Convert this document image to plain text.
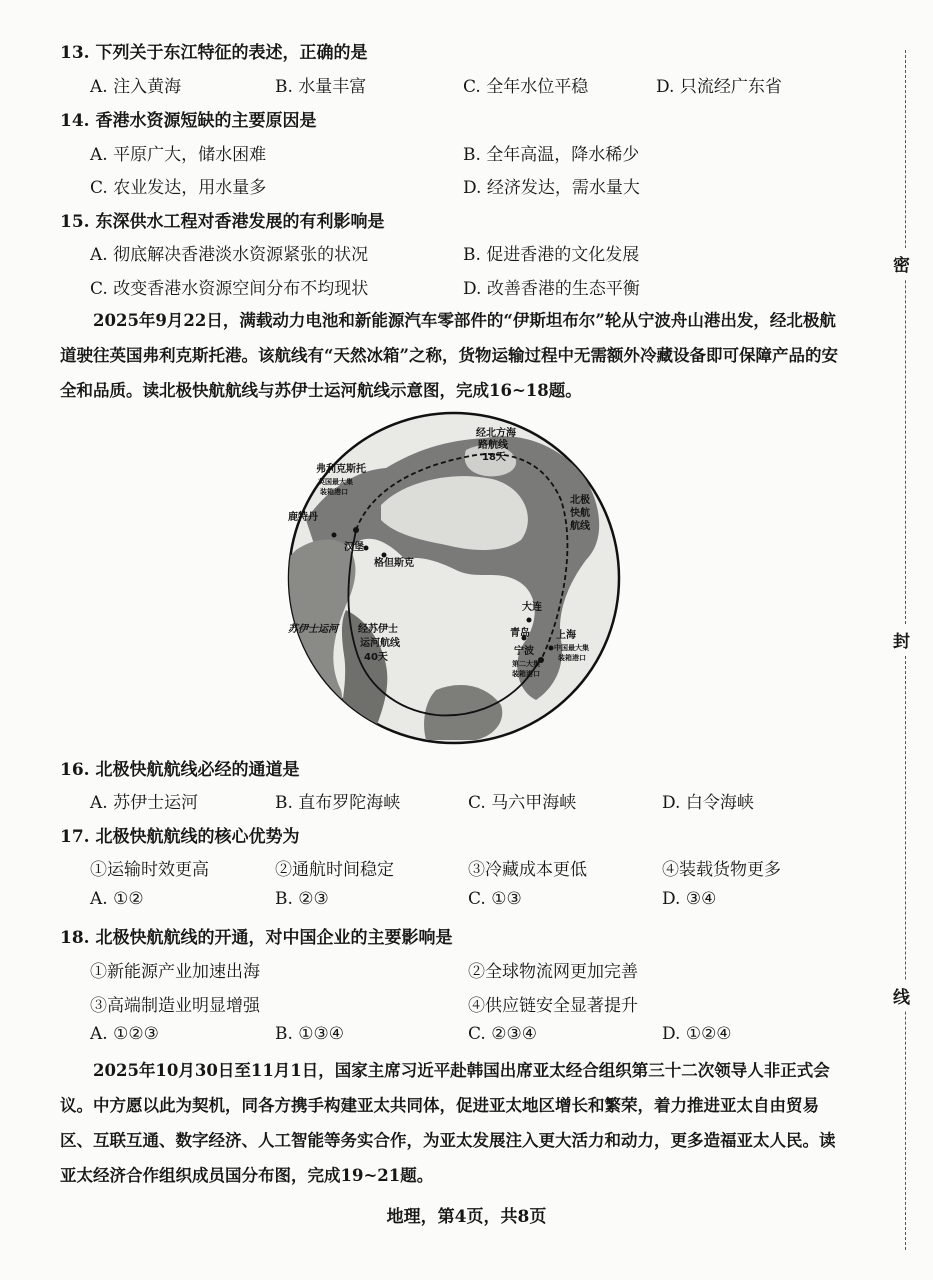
13. 下列关于东江特征的表述，正确的是
A. 注入黄海	B. 水量丰富	C. 全年水位平稳	D. 只流经广东省
14. 香港水资源短缺的主要原因是
A. 平原广大，储水困难	B. 全年高温，降水稀少
C. 农业发达，用水量多	D. 经济发达，需水量大
15. 东深供水工程对香港发展的有利影响是
A. 彻底解决香港淡水资源紧张的状况	B. 促进香港的文化发展
C. 改变香港水资源空间分布不均现状	D. 改善香港的生态平衡

2025年9月22日，满载动力电池和新能源汽车零部件的“伊斯坦布尔”轮从宁波舟山港出发，经北极航道驶往英国弗利克斯托港。该航线有“天然冰箱”之称，货物运输过程中无需额外冷藏设备即可保障产品的安全和品质。读北极快航航线与苏伊士运河航线示意图，完成16~18题。

弗利克斯托
英国最大集
装箱港口
鹿特丹
汉堡
格但斯克
经北方海
路航线
18天
北极
快航
航线
大连
青岛
宁波
第二大集
装箱港口
上海
中国最大集
装箱港口
苏伊士运河 经苏伊士
运河航线
40天
16. 北极快航航线必经的通道是
A. 苏伊士运河	B. 直布罗陀海峡	C. 马六甲海峡	D. 白令海峡
17. 北极快航航线的核心优势为
①运输时效更高	②通航时间稳定	③冷藏成本更低	④装载货物更多
A. ①②	B. ②③	C. ①③	D. ③④
18. 北极快航航线的开通，对中国企业的主要影响是
①新能源产业加速出海	②全球物流网更加完善
③高端制造业明显增强	④供应链安全显著提升
A. ①②③	B. ①③④	C. ②③④	D. ①②④

2025年10月30日至11月1日，国家主席习近平赴韩国出席亚太经合组织第三十二次领导人非正式会议。中方愿以此为契机，同各方携手构建亚太共同体，促进亚太地区增长和繁荣，着力推进亚太自由贸易区、互联互通、数字经济、人工智能等务实合作，为亚太发展注入更大活力和动力，更多造福亚太人民。读亚太经济合作组织成员国分布图，完成19~21题。

地理，第4页，共8页
密
封
线
